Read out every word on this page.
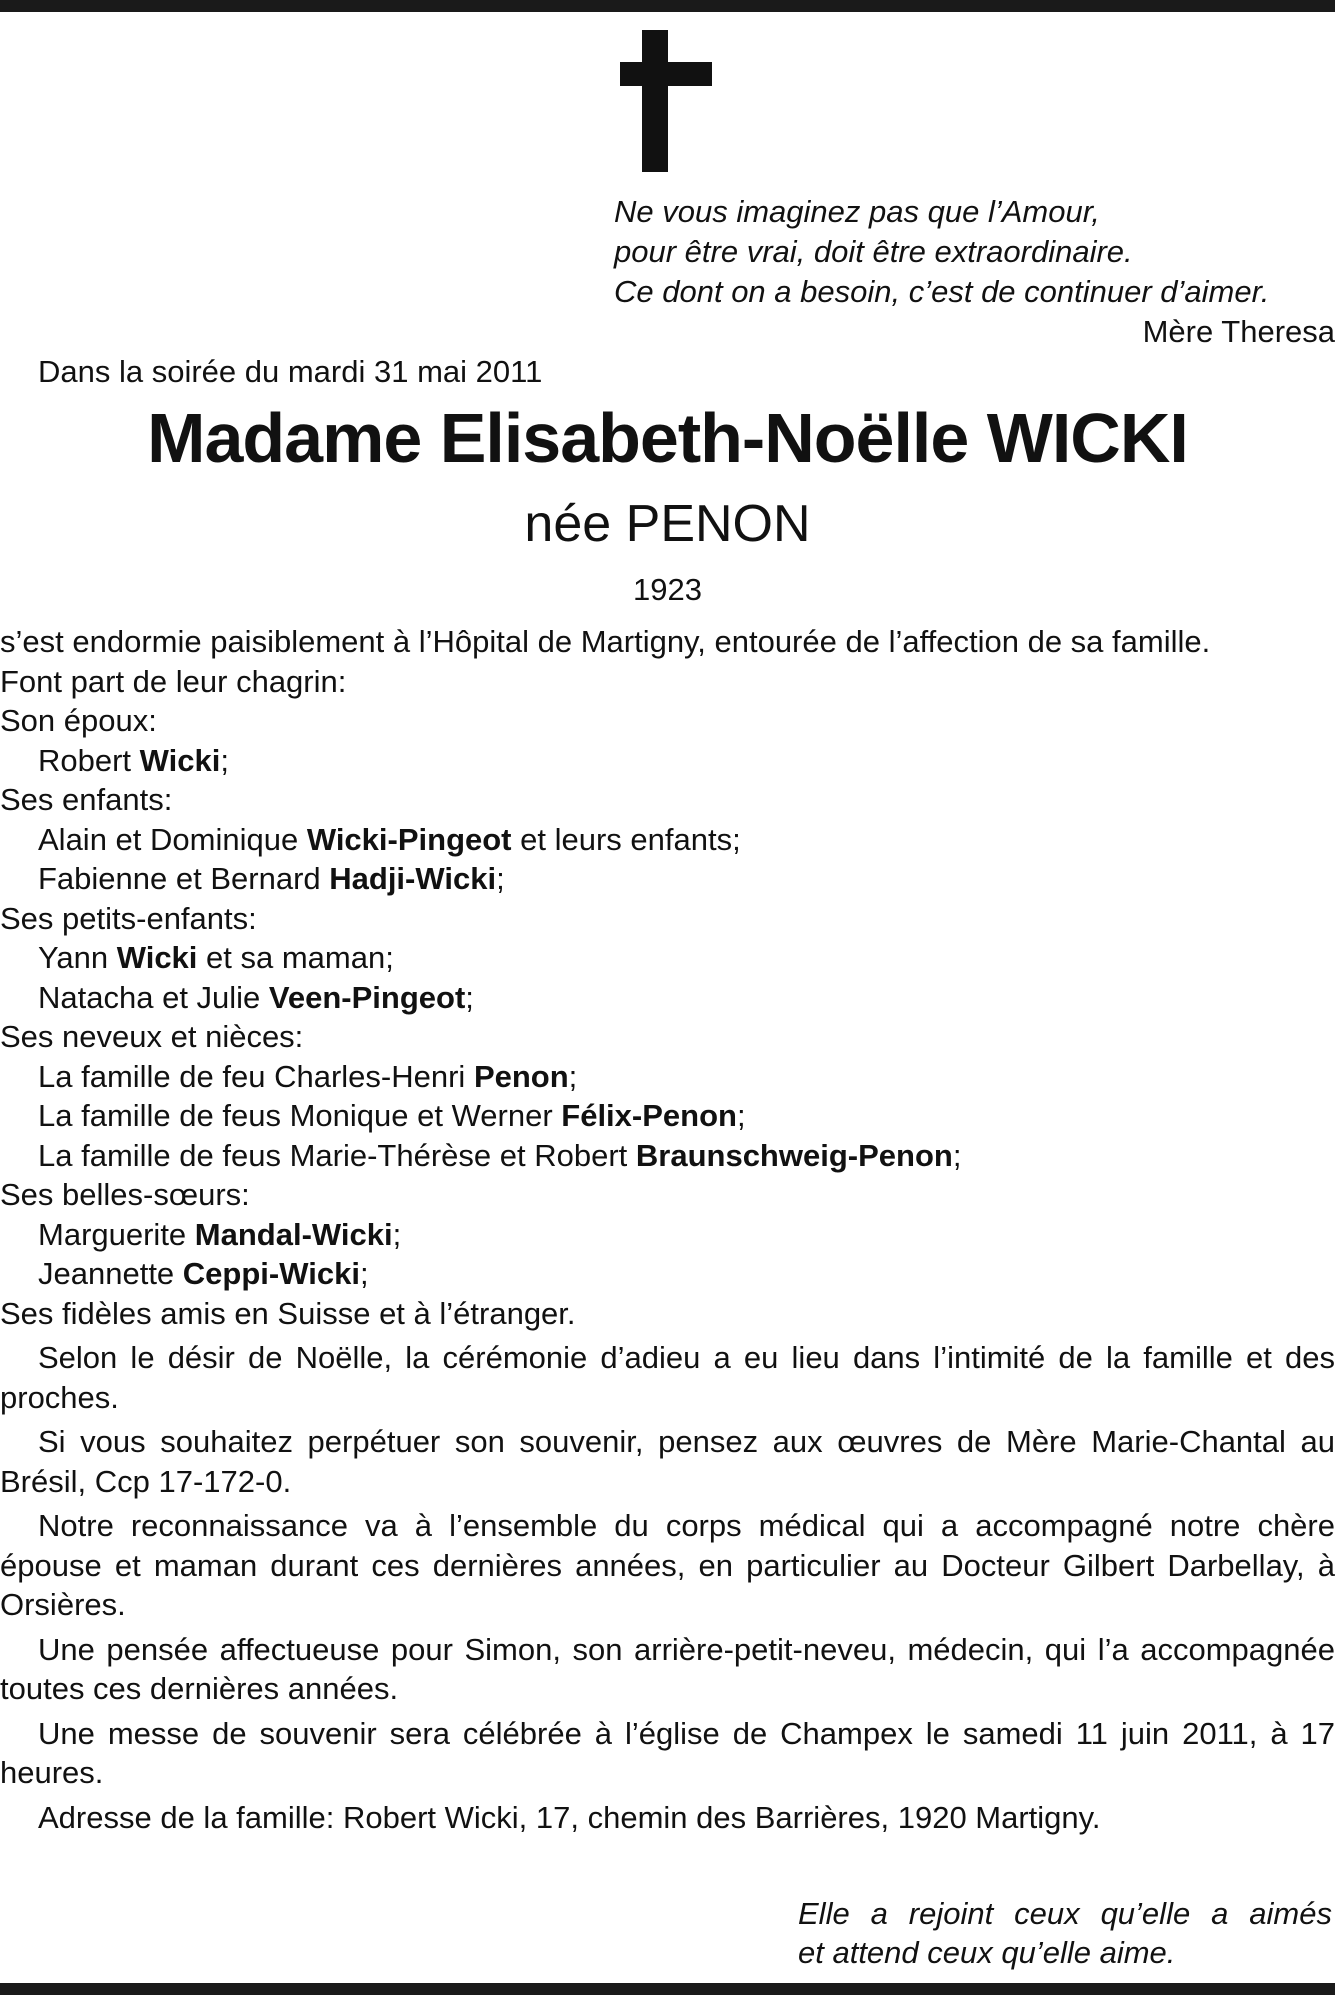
Ne vous imaginez pas que l’Amour,
pour être vrai, doit être extraordinaire.
Ce dont on a besoin, c’est de continuer d’aimer.
Mère Theresa
Dans la soirée du mardi 31 mai 2011
Madame Elisabeth-Noëlle WICKI
née PENON
1923

s’est endormie paisiblement à l’Hôpital de Martigny, entourée de l’affection de sa famille.

Font part de leur chagrin:

Son époux:

Robert Wicki;

Ses enfants:

Alain et Dominique Wicki-Pingeot et leurs enfants;

Fabienne et Bernard Hadji-Wicki;

Ses petits-enfants:

Yann Wicki et sa maman;

Natacha et Julie Veen-Pingeot;

Ses neveux et nièces:

La famille de feu Charles-Henri Penon;

La famille de feus Monique et Werner Félix-Penon;

La famille de feus Marie-Thérèse et Robert Braunschweig-Penon;

Ses belles-sœurs:

Marguerite Mandal-Wicki;

Jeannette Ceppi-Wicki;

Ses fidèles amis en Suisse et à l’étranger.

Selon le désir de Noëlle, la cérémonie d’adieu a eu lieu dans l’intimité de la famille et des proches.

Si vous souhaitez perpétuer son souvenir, pensez aux œuvres de Mère Marie-Chantal au Brésil, Ccp 17-172-0.

Notre reconnaissance va à l’ensemble du corps médical qui a accompagné notre chère épouse et maman durant ces dernières années, en particulier au Docteur Gilbert Darbellay, à Orsières.

Une pensée affectueuse pour Simon, son arrière-petit-neveu, médecin, qui l’a accompagnée toutes ces dernières années.

Une messe de souvenir sera célébrée à l’église de Champex le samedi 11 juin 2011, à 17 heures.

Adresse de la famille: Robert Wicki, 17, chemin des Barrières, 1920 Martigny.

Elle a rejoint ceux qu’elle a aimés
et attend ceux qu’elle aime.
